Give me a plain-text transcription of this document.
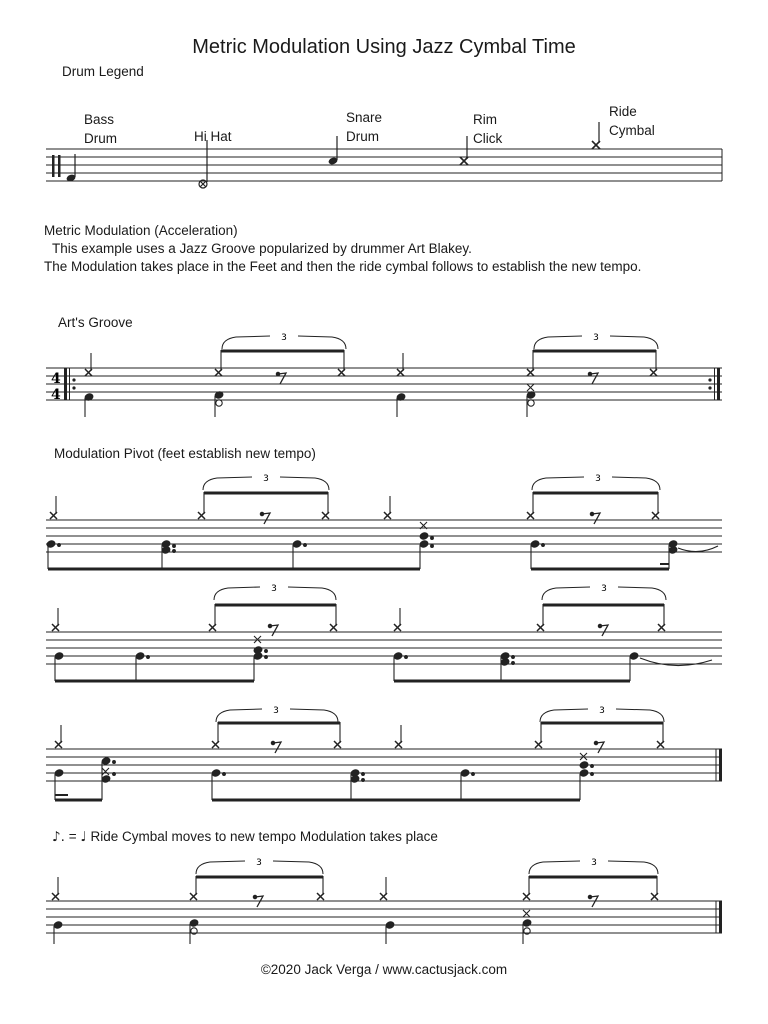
Metric Modulation Using Jazz Cymbal Time
Drum Legend
Bass
Drum	Hi Hat
Snare
Drum
Rim
Click
Ride
Cymbal
Metric Modulation (Acceleration)
This example uses a Jazz Groove popularized by drummer Art Blakey.
The Modulation takes place in the Feet and then the ride cymbal follows to establish the new tempo.
Art's Groove
3	3
4
4
Modulation Pivot (feet establish new tempo)
3	3
3	3
3	3
♪. = ♩ Ride Cymbal moves to new tempo Modulation takes place
3	3
©2020 Jack Verga / www.cactusjack.com
